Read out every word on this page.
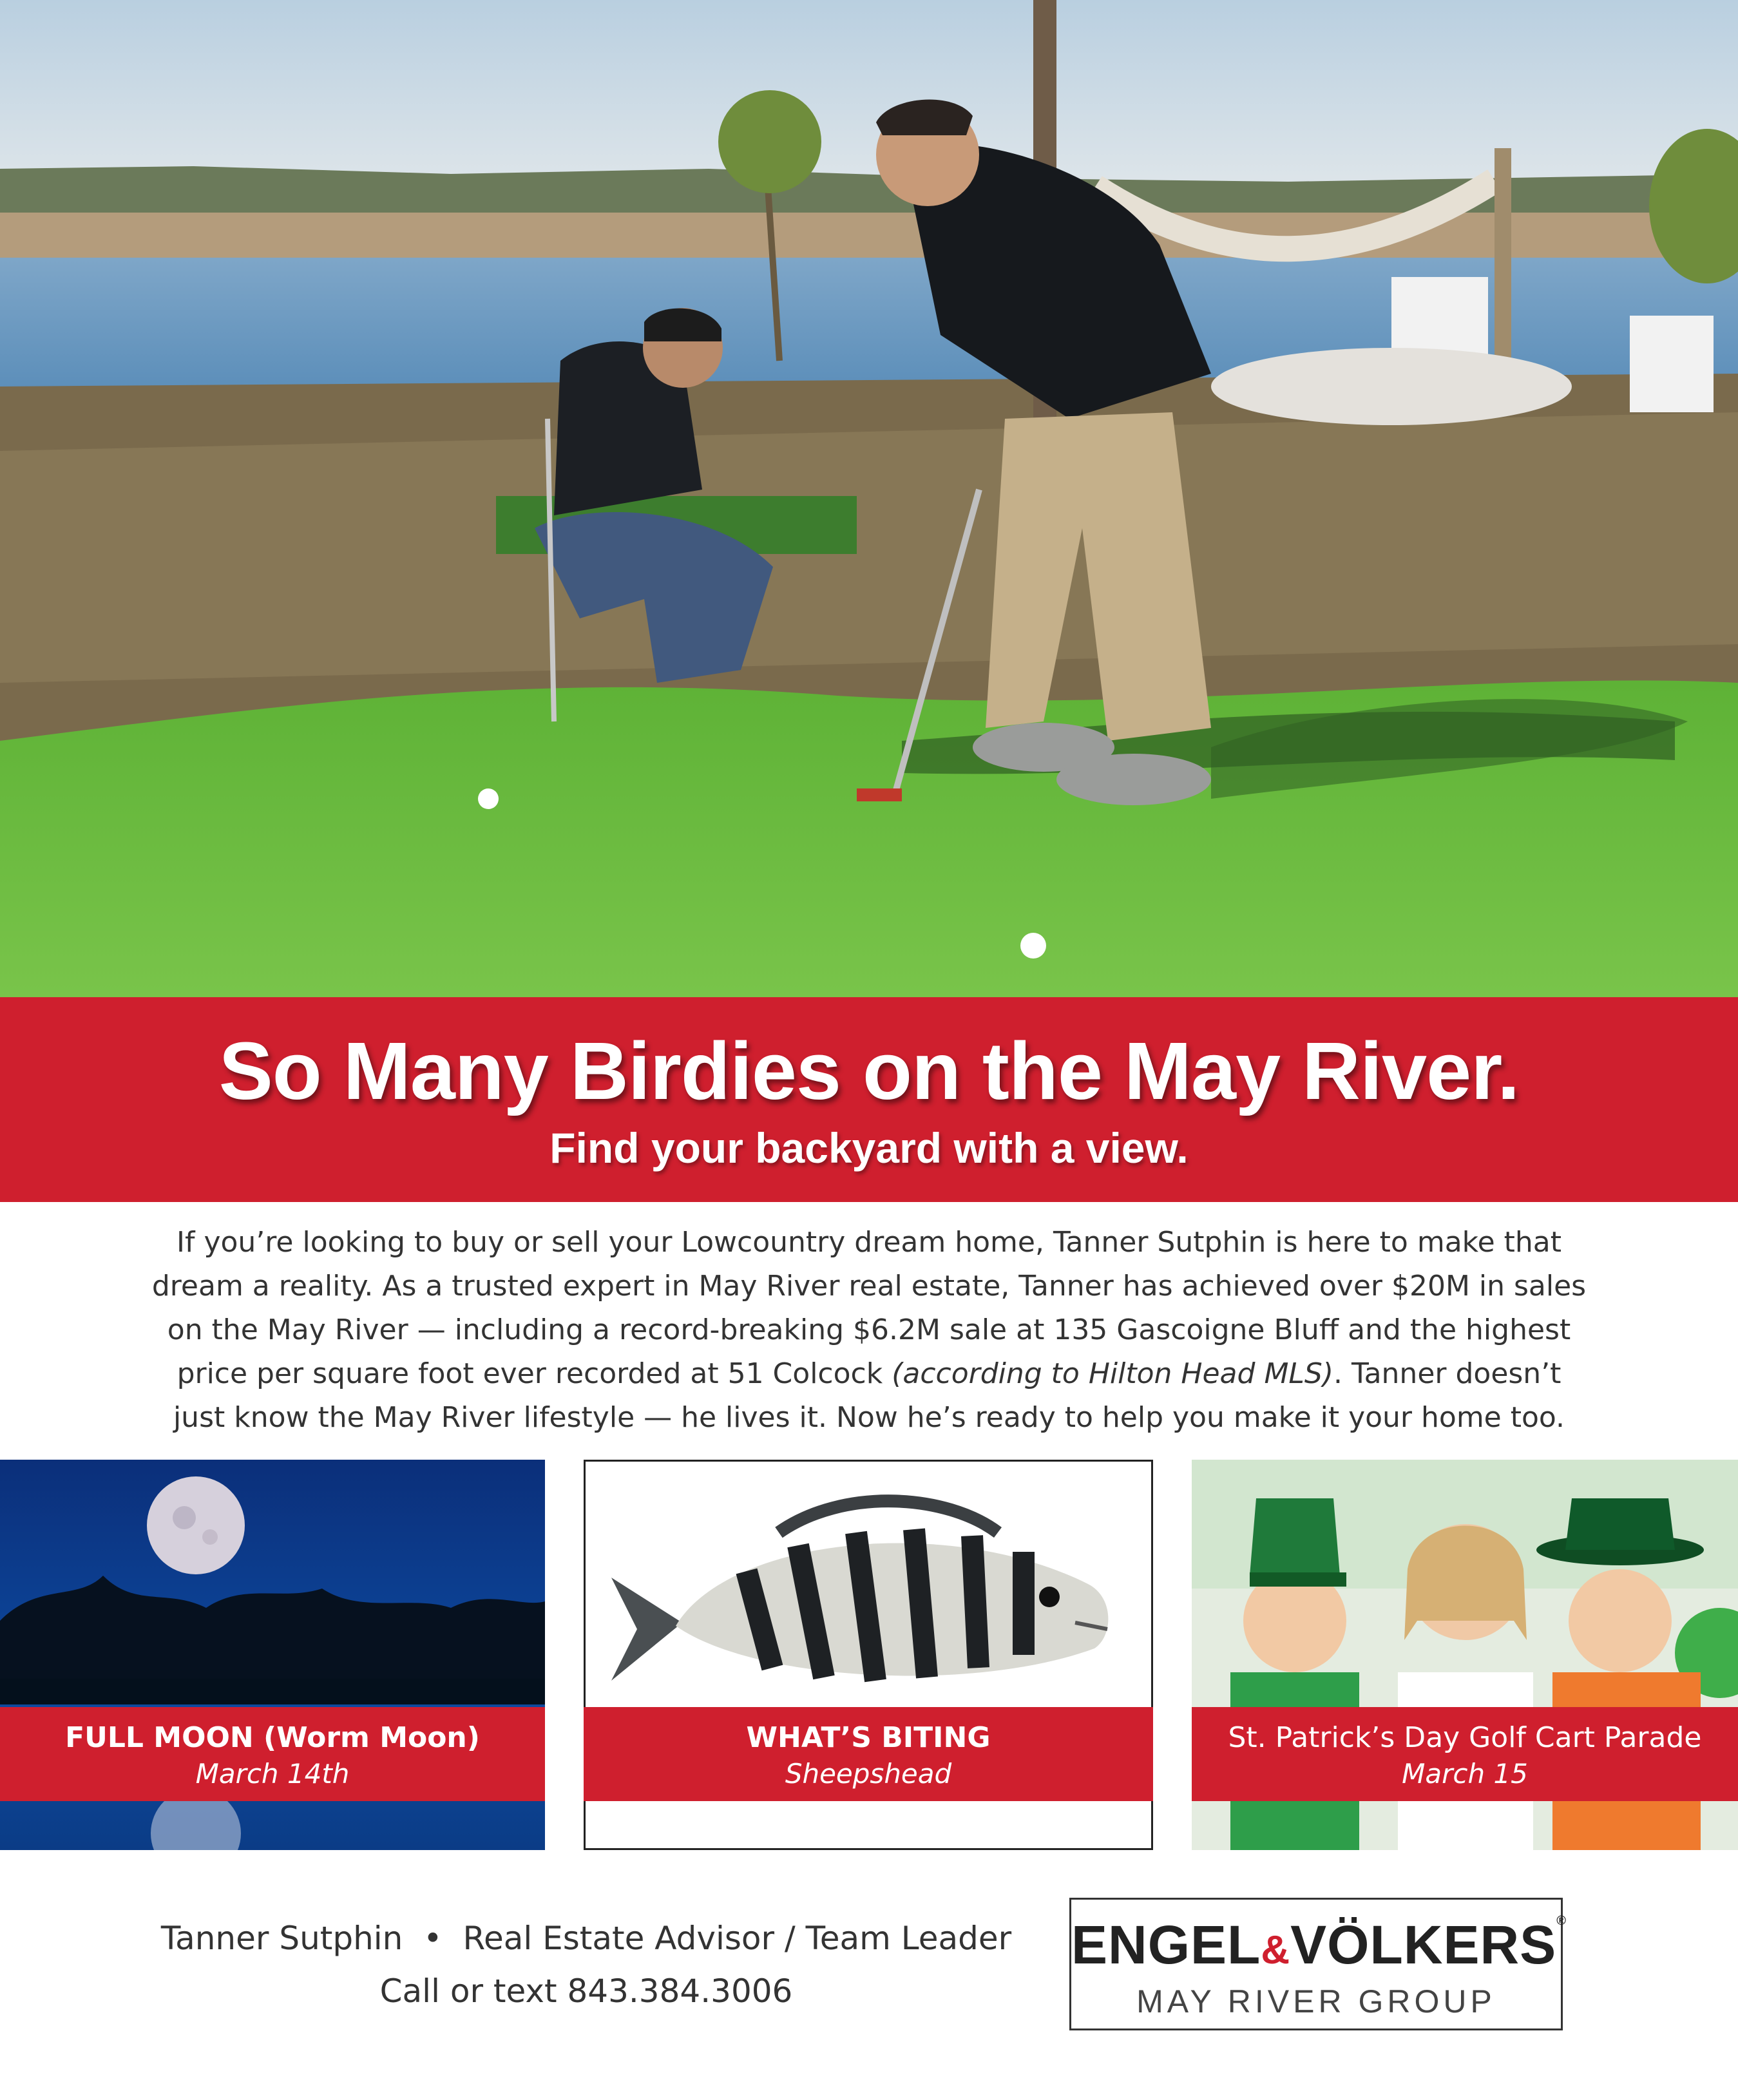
So Many Birdies on the May River.
Find your backyard with a view.
If you’re looking to buy or sell your Lowcountry dream home, Tanner Sutphin is here to make that dream a reality. As a trusted expert in May River real estate, Tanner has achieved over $20M in sales on the May River — including a record-breaking $6.2M sale at 135 Gascoigne Bluff and the highest price per square foot ever recorded at 51 Colcock (according to Hilton Head MLS). Tanner doesn’t just know the May River lifestyle — he lives it. Now he’s ready to help you make it your home too.
FULL MOON (Worm Moon)
March 14th
WHAT’S BITING
Sheepshead
St. Patrick’s Day Golf Cart Parade
March 15
Tanner Sutphin • Real Estate Advisor / Team Leader
Call or text 843.384.3006
ENGEL&VÖLKERS®
MAY RIVER GROUP
